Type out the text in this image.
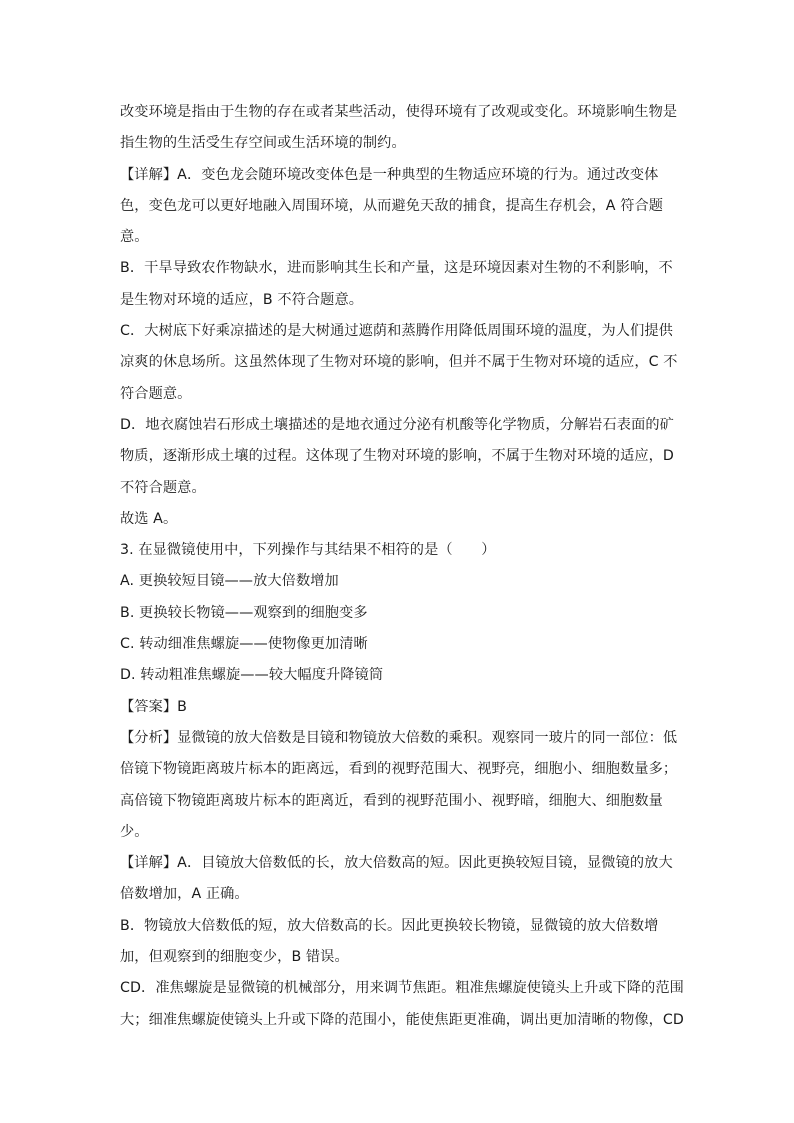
改变环境是指由于生物的存在或者某些活动，使得环境有了改观或变化。环境影响生物是
指生物的生活受生存空间或生活环境的制约。
【详解】A．变色龙会随环境改变体色是一种典型的生物适应环境的行为。通过改变体
色，变色龙可以更好地融入周围环境，从而避免天敌的捕食，提高生存机会，A 符合题
意。
B．干旱导致农作物缺水，进而影响其生长和产量，这是环境因素对生物的不利影响，不
是生物对环境的适应，B 不符合题意。
C．大树底下好乘凉描述的是大树通过遮荫和蒸腾作用降低周围环境的温度，为人们提供
凉爽的休息场所。这虽然体现了生物对环境的影响，但并不属于生物对环境的适应，C 不
符合题意。
D．地衣腐蚀岩石形成土壤描述的是地衣通过分泌有机酸等化学物质，分解岩石表面的矿
物质，逐渐形成土壤的过程。这体现了生物对环境的影响，不属于生物对环境的适应，D
不符合题意。
故选 A。
3. 在显微镜使用中，下列操作与其结果不相符的是（　　）
A. 更换较短目镜——放大倍数增加
B. 更换较长物镜——观察到的细胞变多
C. 转动细准焦螺旋——使物像更加清晰
D. 转动粗准焦螺旋——较大幅度升降镜筒
【答案】B
【分析】显微镜的放大倍数是目镜和物镜放大倍数的乘积。观察同一玻片的同一部位：低
倍镜下物镜距离玻片标本的距离远，看到的视野范围大、视野亮，细胞小、细胞数量多；
高倍镜下物镜距离玻片标本的距离近，看到的视野范围小、视野暗，细胞大、细胞数量
少。
【详解】A．目镜放大倍数低的长，放大倍数高的短。因此更换较短目镜，显微镜的放大
倍数增加，A 正确。
B．物镜放大倍数低的短，放大倍数高的长。因此更换较长物镜，显微镜的放大倍数增
加，但观察到的细胞变少，B 错误。
CD．准焦螺旋是显微镜的机械部分，用来调节焦距。粗准焦螺旋使镜头上升或下降的范围
大；细准焦螺旋使镜头上升或下降的范围小，能使焦距更准确，调出更加清晰的物像，CD
